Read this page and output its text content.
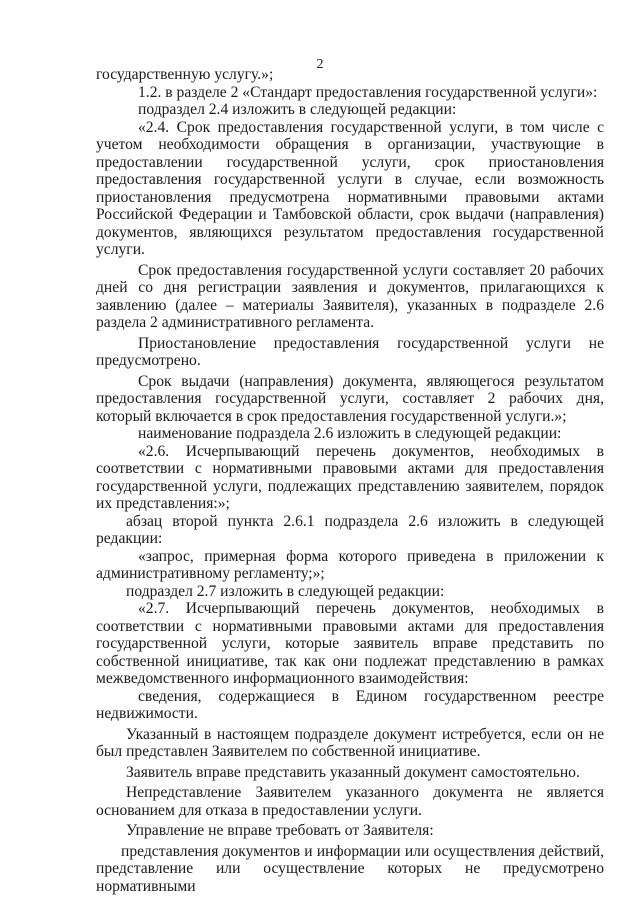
2

государственную услугу.»;

1.2. в разделе 2 «Стандарт предоставления государственной услуги»:

подраздел 2.4 изложить в следующей редакции:

«2.4. Срок предоставления государственной услуги, в том числе с учетом необходимости обращения в организации, участвующие в предоставлении государственной услуги, срок приостановления предоставления государственной услуги в случае, если возможность приостановления предусмотрена нормативными правовыми актами Российской Федерации и Тамбовской области, срок выдачи (направления) документов, являющихся результатом предоставления государственной услуги.

Срок предоставления государственной услуги составляет 20 рабочих дней со дня регистрации заявления и документов, прилагающихся к заявлению (далее – материалы Заявителя), указанных в подразделе 2.6 раздела 2 административного регламента.

Приостановление предоставления государственной услуги не предусмотрено.

Срок выдачи (направления) документа, являющегося результатом предоставления государственной услуги, составляет 2 рабочих дня, который включается в срок предоставления государственной услуги.»;

наименование подраздела 2.6 изложить в следующей редакции:

«2.6. Исчерпывающий перечень документов, необходимых в соответствии с нормативными правовыми актами для предоставления государственной услуги, подлежащих представлению заявителем, порядок их представления:»;

абзац второй пункта 2.6.1 подраздела 2.6 изложить в следующей редакции:

«запрос, примерная форма которого приведена в приложении к административному регламенту;»;

подраздел 2.7 изложить в следующей редакции:

«2.7. Исчерпывающий перечень документов, необходимых в соответствии с нормативными правовыми актами для предоставления государственной услуги, которые заявитель вправе представить по собственной инициативе, так как они подлежат представлению в рамках межведомственного информационного взаимодействия:

сведения, содержащиеся в Едином государственном реестре недвижимости.

Указанный в настоящем подразделе документ истребуется, если он не был представлен Заявителем по собственной инициативе.

Заявитель вправе представить указанный документ самостоятельно.

Непредставление Заявителем указанного документа не является основанием для отказа в предоставлении услуги.

Управление не вправе требовать от Заявителя:

представления документов и информации или осуществления действий, представление или осуществление которых не предусмотрено нормативными
